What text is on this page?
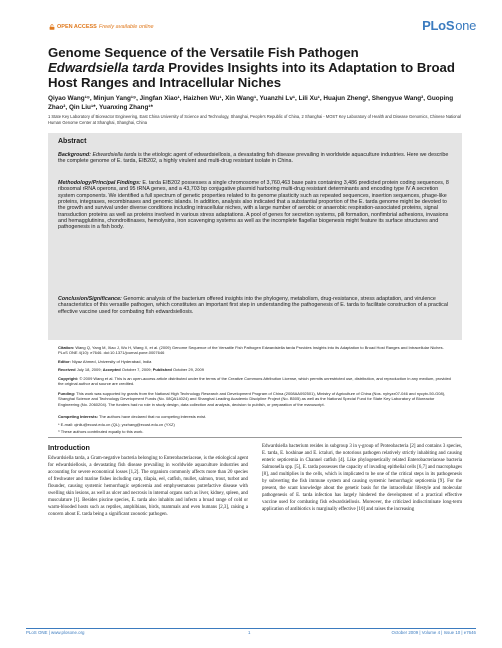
OPEN ACCESS Freely available online	PLoS one
Genome Sequence of the Versatile Fish Pathogen
Edwardsiella tarda Provides Insights into its Adaptation to Broad Host Ranges and Intracellular Niches
Qiyao Wang¹⁹, Minjun Yang¹⁹, Jingfan Xiao¹, Haizhen Wu¹, Xin Wang¹, Yuanzhi Lv¹, Lili Xu¹, Huajun Zheng², Shengyue Wang², Guoping Zhao², Qin Liu¹*, Yuanxing Zhang¹*
1 State Key Laboratory of Bioreactor Engineering, East China University of Science and Technology, Shanghai, People's Republic of China, 2 Shanghai - MOST Key Laboratory of Health and Disease Genomics, Chinese National Human Genome Center at Shanghai, Shanghai, China
Abstract
Background: Edwardsiella tarda is the etiologic agent of edwardsiellosis, a devastating fish disease prevailing in worldwide aquaculture industries. Here we describe the complete genome of E. tarda, EIB202, a highly virulent and multi-drug resistant isolate in China.
Methodology/Principal Findings: E. tarda EIB202 possesses a single chromosome of 3,760,463 base pairs containing 3,486 predicted protein coding sequences, 8 ribosomal rRNA operons, and 95 tRNA genes, and a 43,703 bp conjugative plasmid harboring multi-drug resistant determinants and encoding type IV A secretion system components. We identified a full spectrum of genetic properties related to its genome plasticity such as repeated sequences, insertion sequences, phage-like proteins, integrases, recombinases and genomic islands. In addition, analysis also indicated that a substantial proportion of the E. tarda genome might be devoted to the growth and survival under diverse conditions including intracellular niches, with a large number of aerobic or anaerobic respiration-associated proteins, signal transduction proteins as well as proteins involved in various stress adaptations. A pool of genes for secretion systems, pili formation, nonfimbrial adhesions, invasions and hemagglutinins, chondroitinases, hemolysins, iron scavenging systems as well as the incomplete flagellar biogenesis might feature its surface structures and pathogenesis in a fish body.
Conclusion/Significance: Genomic analysis of the bacterium offered insights into the phylogeny, metabolism, drug-resistance, stress adaptation, and virulence characteristics of this versatile pathogen, which constitutes an important first step in understanding the pathogenesis of E. tarda to facilitate construction of a practical effective vaccine used for combating fish edwardsiellosis.
Citation: Wang Q, Yang M, Xiao J, Wu H, Wang X, et al. (2009) Genome Sequence of the Versatile Fish Pathogen Edwardsiella tarda Provides Insights into its Adaptation to Broad Host Ranges and Intracellular Niches. PLoS ONE 4(10): e7646. doi:10.1371/journal.pone.0007646
Editor: Niyaz Ahmed, University of Hyderabad, India
Received July 18, 2009; Accepted October 7, 2009; Published October 29, 2009
Copyright: © 2009 Wang et al. This is an open-access article distributed under the terms of the Creative Commons Attribution License, which permits unrestricted use, distribution, and reproduction in any medium, provided the original author and source are credited.
Funding: This work was supported by grants from the National High Technology Research and Development Program of China (2008AA092501), Ministry of Agriculture of China (Nos. nyhyzx07-046 and nycytx-50-G08), Shanghai Science and Technology Development Funds (No. 08QA14024) and Shanghai Leading Academic Discipline Project (No. B505) as well as the National Special Fund for State Key Laboratory of Bioreactor Engineering (No. 2060204). The funders had no role in study design, data collection and analysis, decision to publish, or preparation of the manuscript.
Competing Interests: The authors have declared that no competing interests exist.
* E-mail: qinliu@ecust.edu.cn (QL); yxzhang@ecust.edu.cn (YXZ)
⁹ These authors contributed equally to this work.
Introduction
Edwardsiella tarda, a Gram-negative bacteria belonging to Enterobacteriaceae, is the etiological agent for edwardsiellosis, a devastating fish disease prevailing in worldwide aquaculture industries and accounting for severe economical losses [1,2]. The organism commonly affects more than 20 species of freshwater and marine fishes including carp, tilapia, eel, catfish, mullet, salmon, trout, turbot and flounder, causing systemic hemorrhagic septicemia and emphysematous putrefactive disease with swelling skin lesions, as well as ulcer and necrosis in internal organs such as liver, kidney, spleen, and musculature [1]. Besides piscine species, E. tarda also inhabits and infects a broad range of cold or warm-blooded hosts such as reptiles, amphibians, birds, mammals and even humans [2,3], raising a concern about E. tarda being a significant zoonotic pathogen.
Edwardsiella bacterium resides in subgroup 3 in γ-group of Proteobacteria [2] and contains 3 species, E. tarda, E. hoshinae and E. ictaluri, the notorious pathogen relatively strictly inhabiting and causing enteric septicemia in Channel catfish [4]. Like phylogenetically related Enterobacteriaceae bacteria Salmonella spp. [5], E. tarda possesses the capacity of invading epithelial cells [6,7] and macrophages [8], and multiplies in the cells, which is implicated to be one of the critical steps in its pathogenesis by subverting the fish immune system and causing systemic hemorrhagic septicemia [9]. For the present, the scant knowledge about the genetic basis for the intracellular lifestyle and molecular pathogenesis of E. tarda infection has largely hindered the development of a practical effective vaccine used for combating fish edwardsiellosis. Moreover, the criticized indiscriminate long-term application of antibiotics is marginally effective [10] and raises the increasing
PLoS ONE | www.plosone.org	1	October 2009 | Volume 4 | Issue 10 | e7646
